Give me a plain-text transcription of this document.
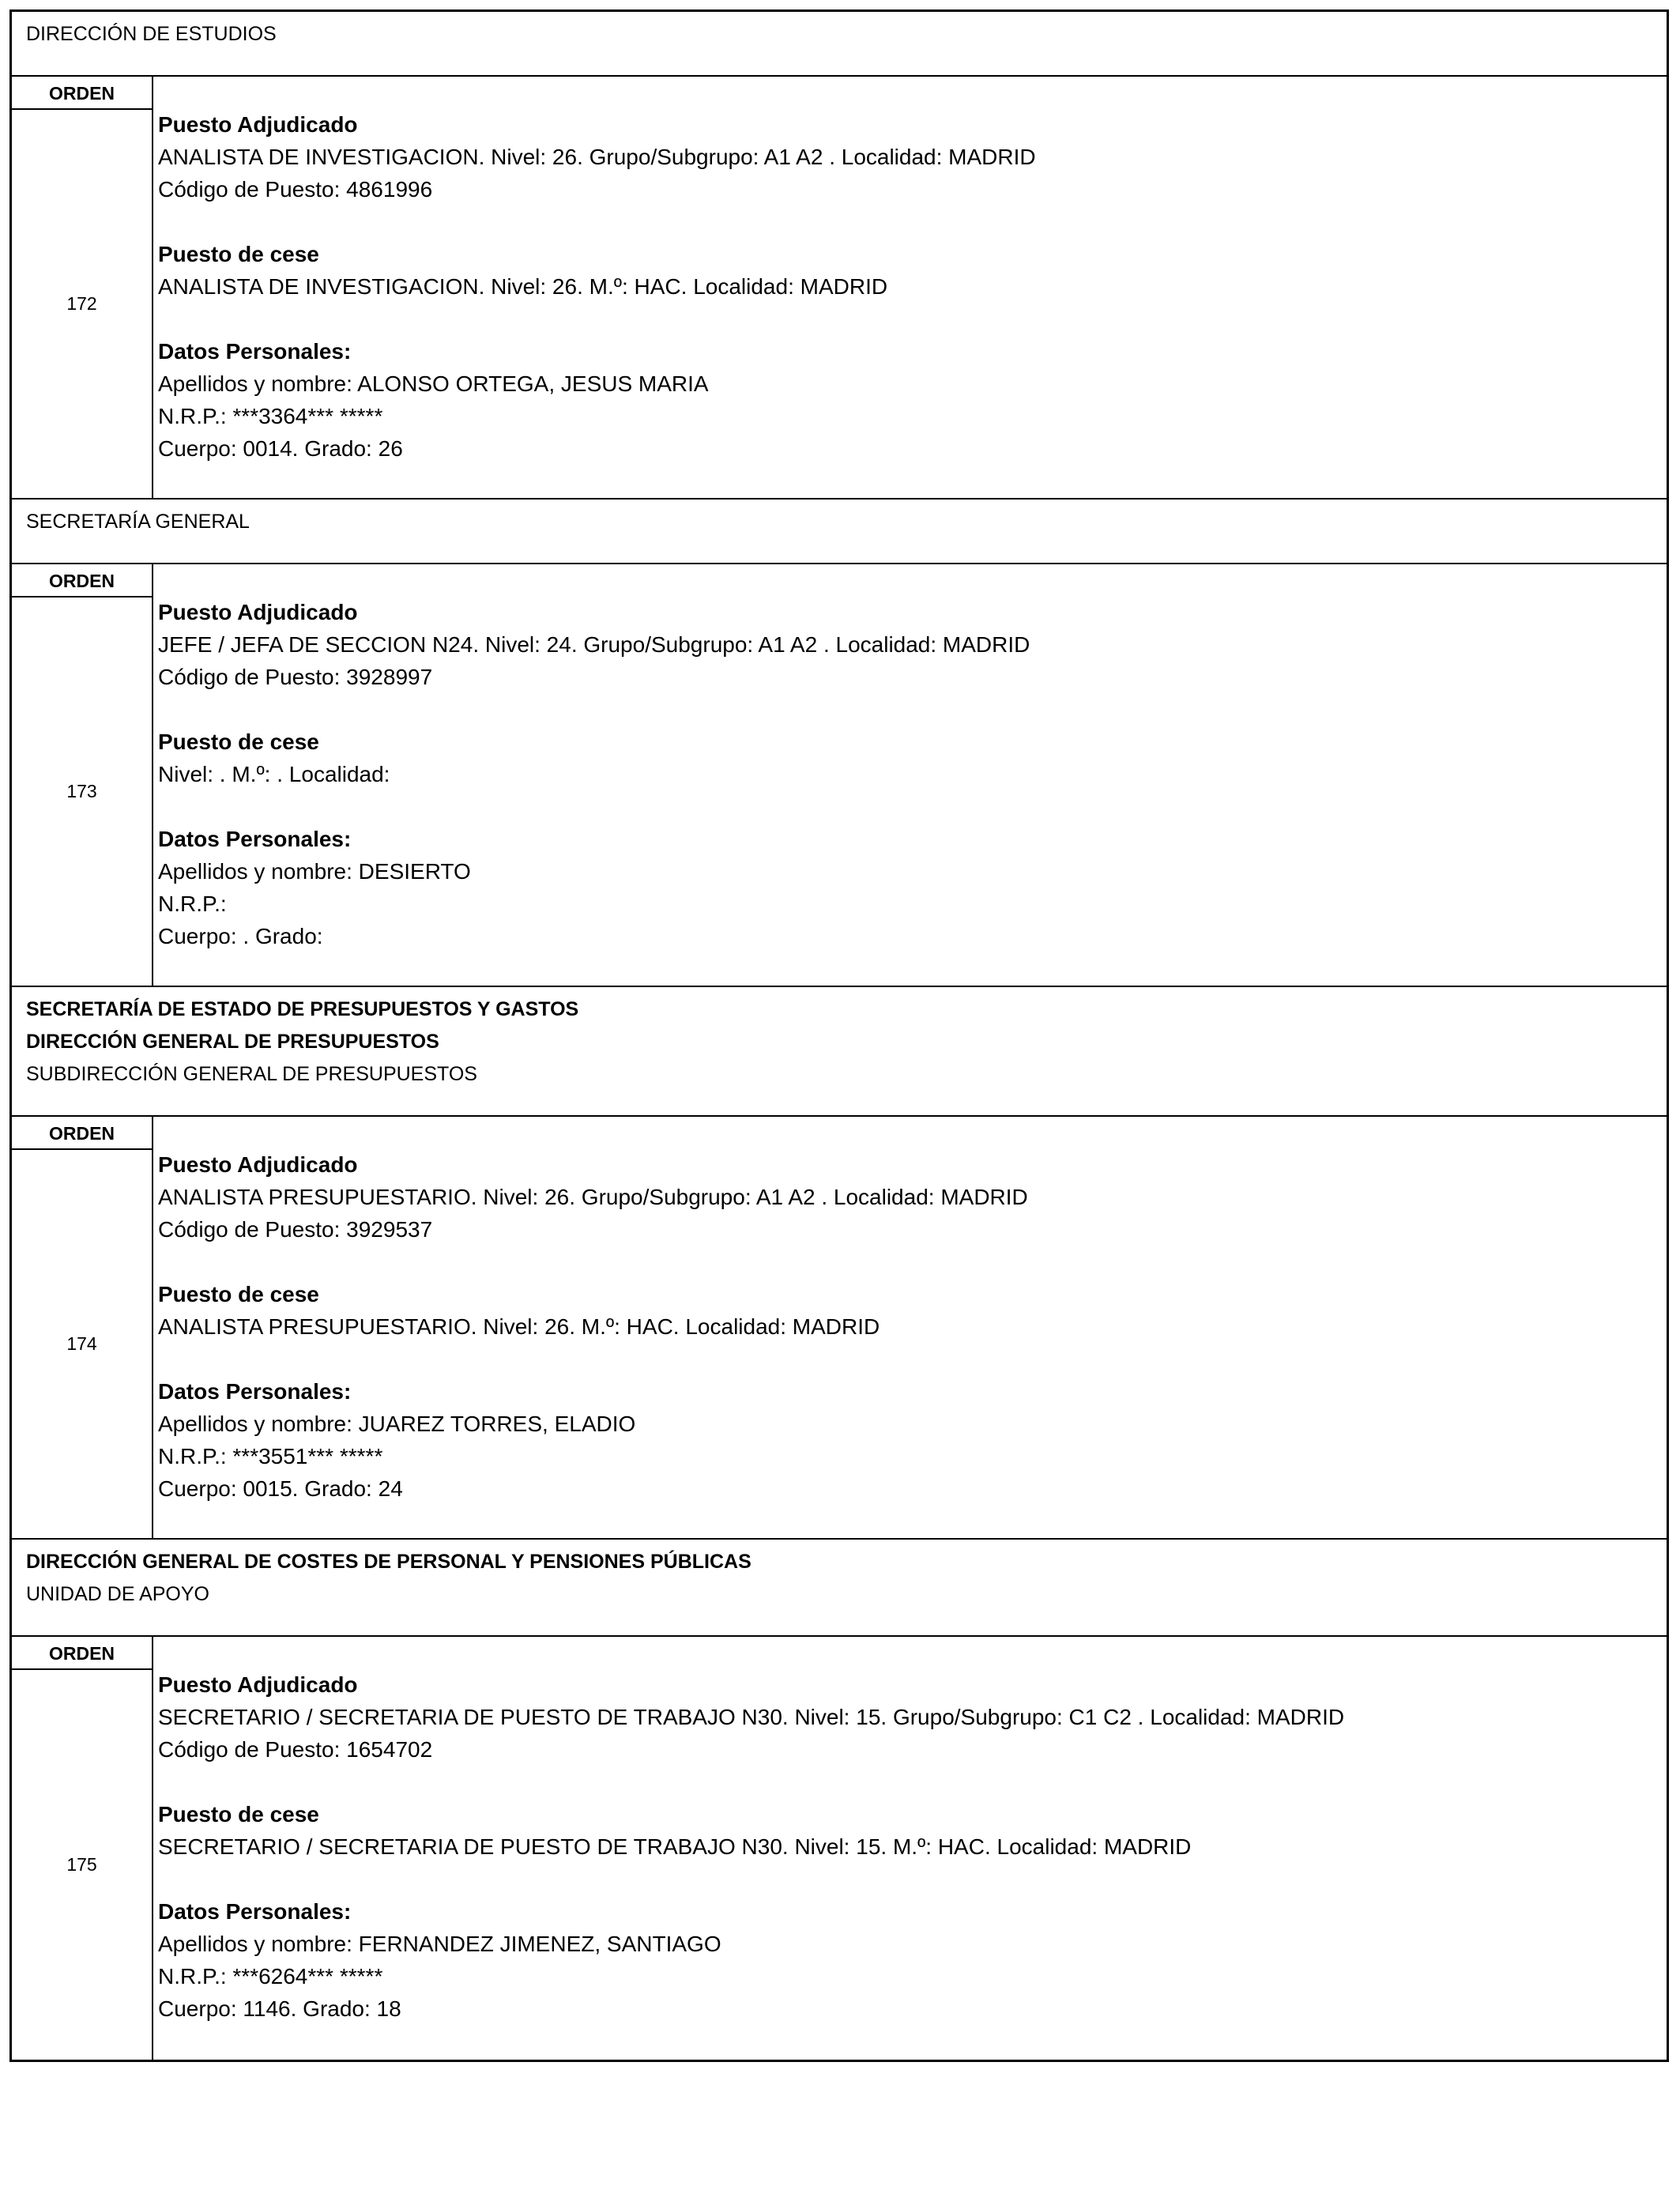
DIRECCIÓN DE ESTUDIOS
ORDEN
172
Puesto Adjudicado
ANALISTA DE INVESTIGACION. Nivel: 26. Grupo/Subgrupo: A1 A2 . Localidad: MADRID
Código de Puesto: 4861996
Puesto de cese
ANALISTA DE INVESTIGACION. Nivel: 26. M.º: HAC. Localidad: MADRID
Datos Personales:
Apellidos y nombre: ALONSO ORTEGA, JESUS MARIA
N.R.P.: ***3364*** *****
Cuerpo: 0014. Grado: 26
SECRETARÍA GENERAL
ORDEN
173
Puesto Adjudicado
JEFE / JEFA DE SECCION N24. Nivel: 24. Grupo/Subgrupo: A1 A2 . Localidad: MADRID
Código de Puesto: 3928997
Puesto de cese
Nivel: . M.º: . Localidad:
Datos Personales:
Apellidos y nombre: DESIERTO
N.R.P.:
Cuerpo: . Grado:
SECRETARÍA DE ESTADO DE PRESUPUESTOS Y GASTOS
DIRECCIÓN GENERAL DE PRESUPUESTOS
SUBDIRECCIÓN GENERAL DE PRESUPUESTOS
ORDEN
174
Puesto Adjudicado
ANALISTA PRESUPUESTARIO. Nivel: 26. Grupo/Subgrupo: A1 A2 . Localidad: MADRID
Código de Puesto: 3929537
Puesto de cese
ANALISTA PRESUPUESTARIO. Nivel: 26. M.º: HAC. Localidad: MADRID
Datos Personales:
Apellidos y nombre: JUAREZ TORRES, ELADIO
N.R.P.: ***3551*** *****
Cuerpo: 0015. Grado: 24
DIRECCIÓN GENERAL DE COSTES DE PERSONAL Y PENSIONES PÚBLICAS
UNIDAD DE APOYO
ORDEN
175
Puesto Adjudicado
SECRETARIO / SECRETARIA DE PUESTO DE TRABAJO N30. Nivel: 15. Grupo/Subgrupo: C1 C2 . Localidad: MADRID
Código de Puesto: 1654702
Puesto de cese
SECRETARIO / SECRETARIA DE PUESTO DE TRABAJO N30. Nivel: 15. M.º: HAC. Localidad: MADRID
Datos Personales:
Apellidos y nombre: FERNANDEZ JIMENEZ, SANTIAGO
N.R.P.: ***6264*** *****
Cuerpo: 1146. Grado: 18
